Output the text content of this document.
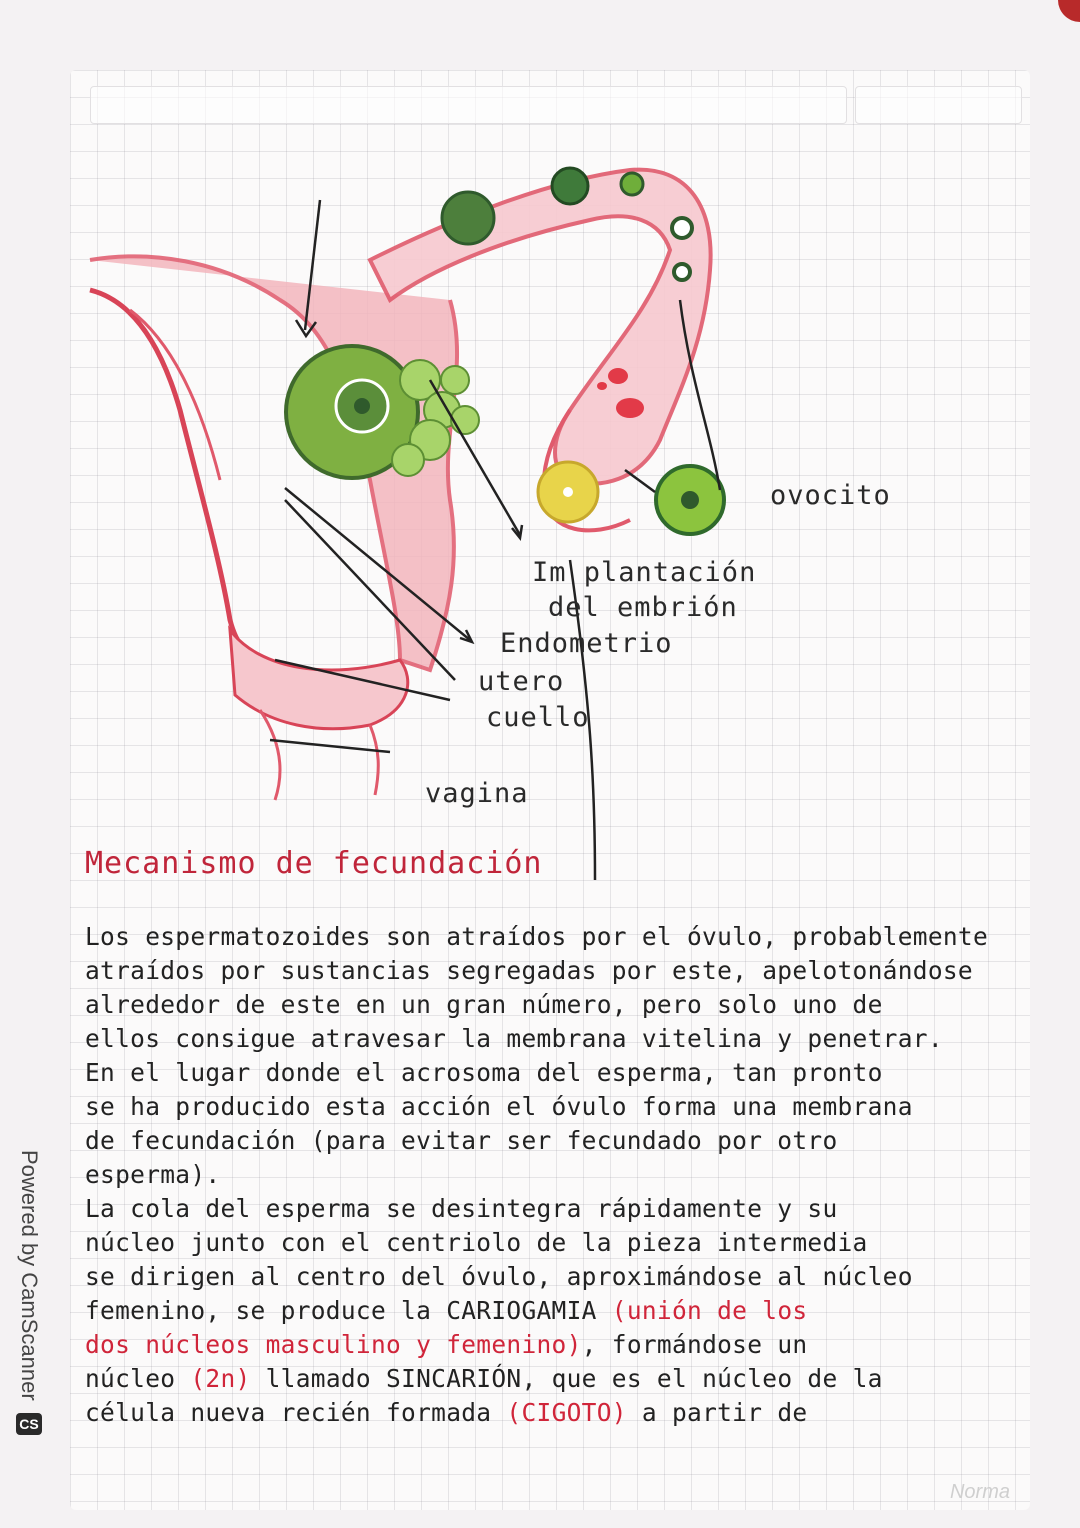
ovocito
Im plantación
del embrión
Endometrio
utero
cuello
vagina
Mecanismo de fecundación

Los espermatozoides son atraídos por el óvulo, probablemente

atraídos por sustancias segregadas por este, apelotonándose

alrededor de este en un gran número, pero solo uno de

ellos consigue atravesar la membrana vitelina y penetrar.

En el lugar donde el acrosoma del esperma, tan pronto

se ha producido esta acción el óvulo forma una membrana

de fecundación (para evitar ser fecundado por otro

esperma).

La cola del esperma se desintegra rápidamente y su

núcleo junto con el centriolo de la pieza intermedia

se dirigen al centro del óvulo, aproximándose al núcleo

femenino, se produce la CARIOGAMIA (unión de los

dos núcleos masculino y femenino), formándose un

núcleo (2n) llamado SINCARIÓN, que es el núcleo de la

célula nueva recién formada (CIGOTO) a partir de

Powered by CamScanner
CS
Norma
